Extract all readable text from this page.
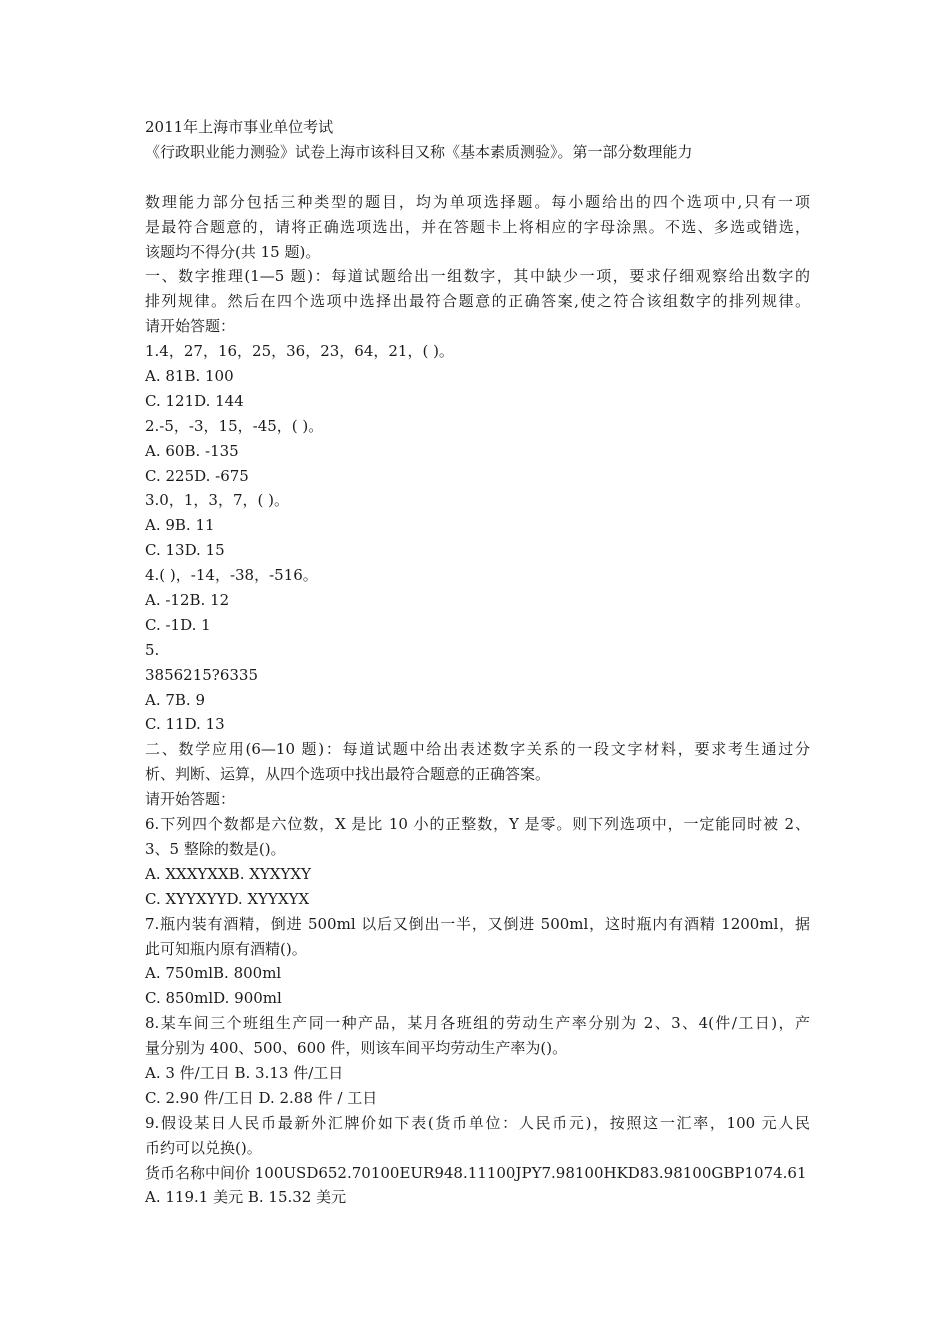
2011年上海市事业单位考试
《行政职业能力测验》试卷上海市该科目又称《基本素质测验》。第一部分数理能力
数理能力部分包括三种类型的题目，均为单项选择题。每小题给出的四个选项中,只有一项
是最符合题意的，请将正确选项选出，并在答题卡上将相应的字母涂黑。不选、多选或错选，
该题均不得分(共 15 题)。
一、数字推理(1—5 题)：每道试题给出一组数字，其中缺少一项，要求仔细观察给出数字的
排列规律。然后在四个选项中选择出最符合题意的正确答案,使之符合该组数字的排列规律。
请开始答题：
1.4，27，16，25，36，23，64，21，( )。
A. 81B. 100
C. 121D. 144
2.-5，-3，15，-45，( )。
A. 60B. -135
C. 225D. -675
3.0，1，3，7，( )。
A. 9B. 11
C. 13D. 15
4.( )，-14，-38，-516。
A. -12B. 12
C. -1D. 1
5.
3856215?6335
A. 7B. 9
C. 11D. 13
二、数学应用(6—10 题)：每道试题中给出表述数字关系的一段文字材料，要求考生通过分
析、判断、运算，从四个选项中找出最符合题意的正确答案。
请开始答题：
6.下列四个数都是六位数，X 是比 10 小的正整数，Y 是零。则下列选项中，一定能同时被 2、
3、5 整除的数是()。
A. XXXYXXB. XYXYXY
C. XYYXYYD. XYYXYX
7.瓶内装有酒精，倒进 500ml 以后又倒出一半，又倒进 500ml，这时瓶内有酒精 1200ml，据
此可知瓶内原有酒精()。
A. 750mlB. 800ml
C. 850mlD. 900ml
8.某车间三个班组生产同一种产品，某月各班组的劳动生产率分别为 2、3、4(件/工日)，产
量分别为 400、500、600 件，则该车间平均劳动生产率为()。
A. 3 件/工日 B. 3.13 件/工日
C. 2.90 件/工日 D. 2.88 件 / 工日
9.假设某日人民币最新外汇牌价如下表(货币单位：人民币元)，按照这一汇率，100 元人民
币约可以兑换()。
货币名称中间价 100USD652.70100EUR948.11100JPY7.98100HKD83.98100GBP1074.61
A. 119.1 美元 B. 15.32 美元
